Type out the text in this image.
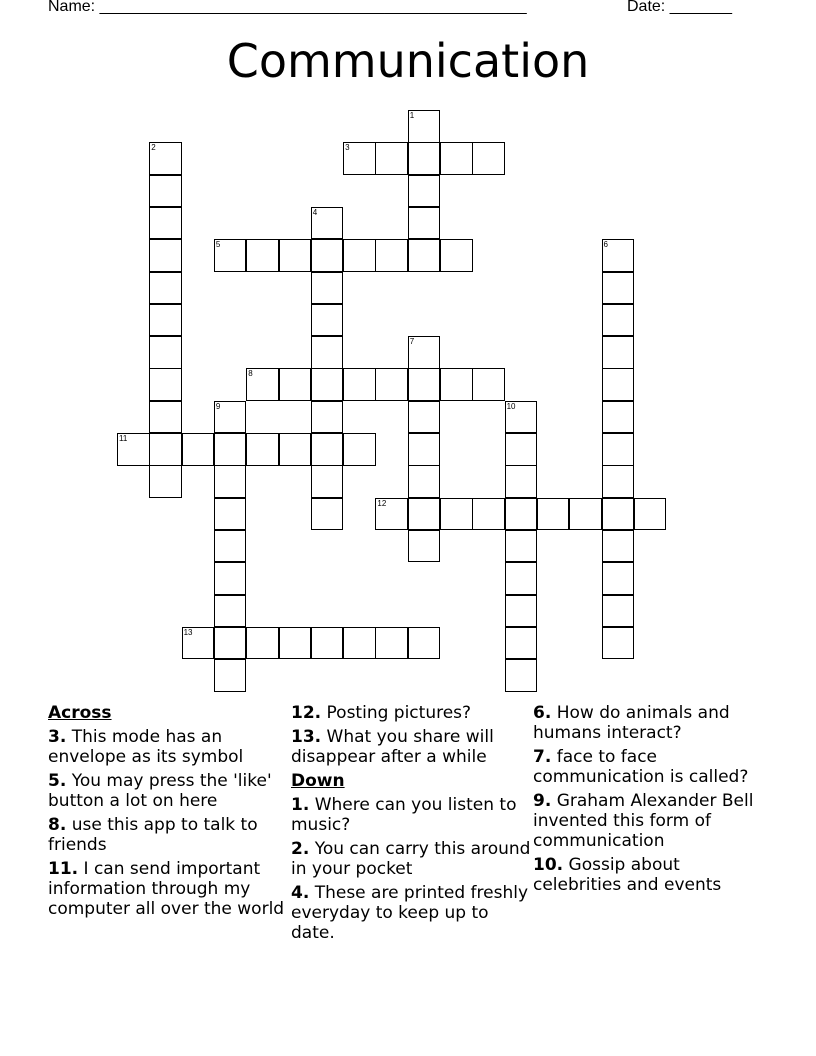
Name: ________________________________________________	Date: _______
Communication
1
2	3
4
5	6
7
8
9	10
11
12
13
Across
3. This mode has an envelope as its symbol
5. You may press the 'like' button a lot on here
8. use this app to talk to friends
11. I can send important information through my computer all over the world
12. Posting pictures?
13. What you share will disappear after a while
Down
1. Where can you listen to music?
2. You can carry this around in your pocket
4. These are printed freshly everyday to keep up to date.
6. How do animals and humans interact?
7. face to face communication is called?
9. Graham Alexander Bell invented this form of communication
10. Gossip about celebrities and events
